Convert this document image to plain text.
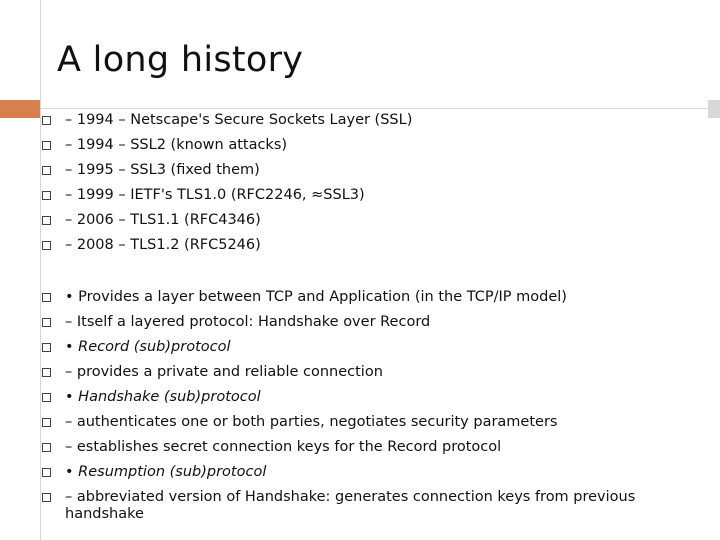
A long history
– 1994 – Netscape's Secure Sockets Layer (SSL)
– 1994 – SSL2 (known attacks)
– 1995 – SSL3 (fixed them)
– 1999 – IETF's TLS1.0 (RFC2246, ≈SSL3)
– 2006 – TLS1.1 (RFC4346)
– 2008 – TLS1.2 (RFC5246)
• Provides a layer between TCP and Application (in the TCP/IP model)
– Itself a layered protocol: Handshake over Record
• Record (sub)protocol
– provides a private and reliable connection
• Handshake (sub)protocol
– authenticates one or both parties, negotiates security parameters
– establishes secret connection keys for the Record protocol
• Resumption (sub)protocol
– abbreviated version of Handshake: generates connection keys from previous handshake
